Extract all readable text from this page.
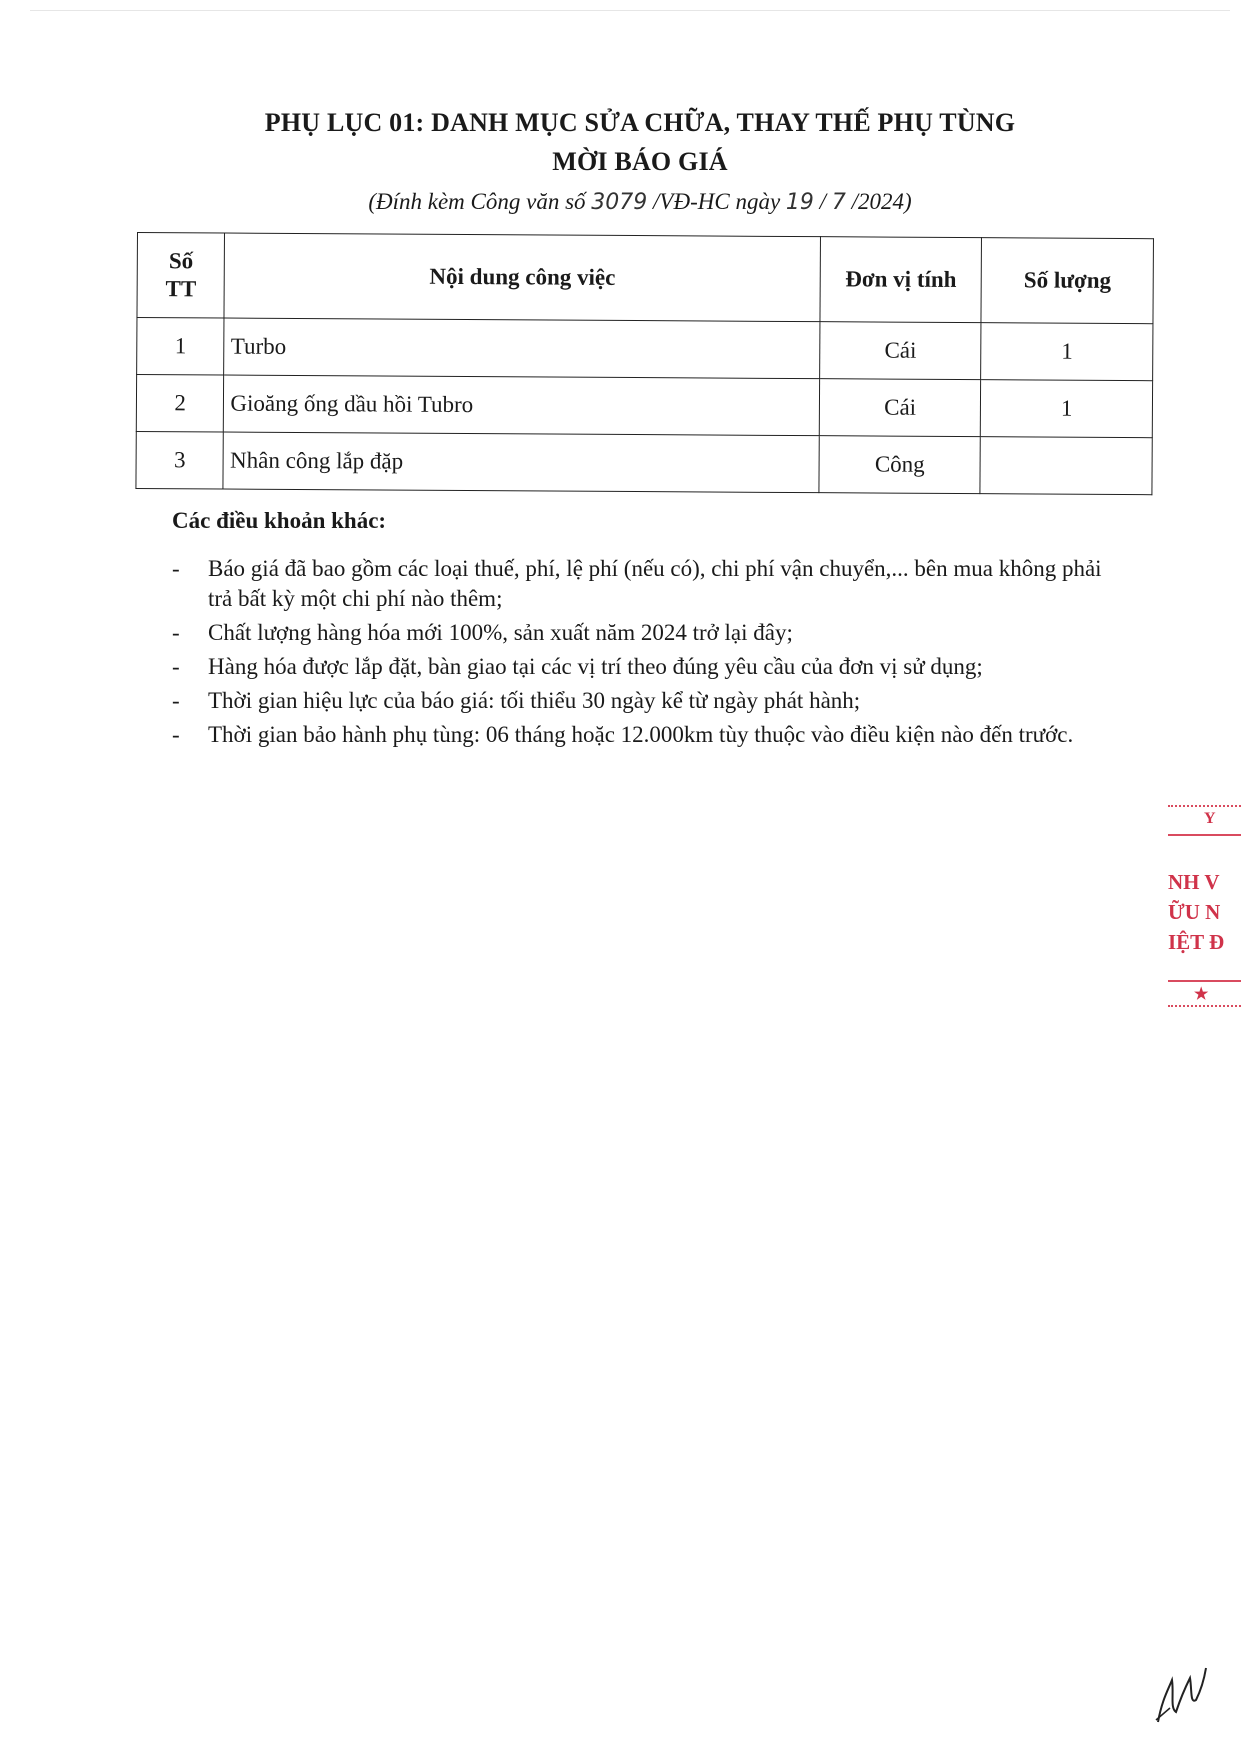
PHỤ LỤC 01: DANH MỤC SỬA CHỮA, THAY THẾ PHỤ TÙNG
MỜI BÁO GIÁ
(Đính kèm Công văn số 3079 /VĐ-HC ngày 19 / 7 /2024)
Số TT	Nội dung công việc	Đơn vị tính	Số lượng
1	Turbo	Cái	1
2	Gioăng ống dầu hồi Tubro	Cái	1
3	Nhân công lắp đặp	Công	
Các điều khoản khác:
- Báo giá đã bao gồm các loại thuế, phí, lệ phí (nếu có), chi phí vận chuyển,... bên mua không phải trả bất kỳ một chi phí nào thêm;
- Chất lượng hàng hóa mới 100%, sản xuất năm 2024 trở lại đây;
- Hàng hóa được lắp đặt, bàn giao tại các vị trí theo đúng yêu cầu của đơn vị sử dụng;
- Thời gian hiệu lực của báo giá: tối thiểu 30 ngày kể từ ngày phát hành;
- Thời gian bảo hành phụ tùng: 06 tháng hoặc 12.000km tùy thuộc vào điều kiện nào đến trước.
Y
NH V
ỮU N
IỆT Đ
★
